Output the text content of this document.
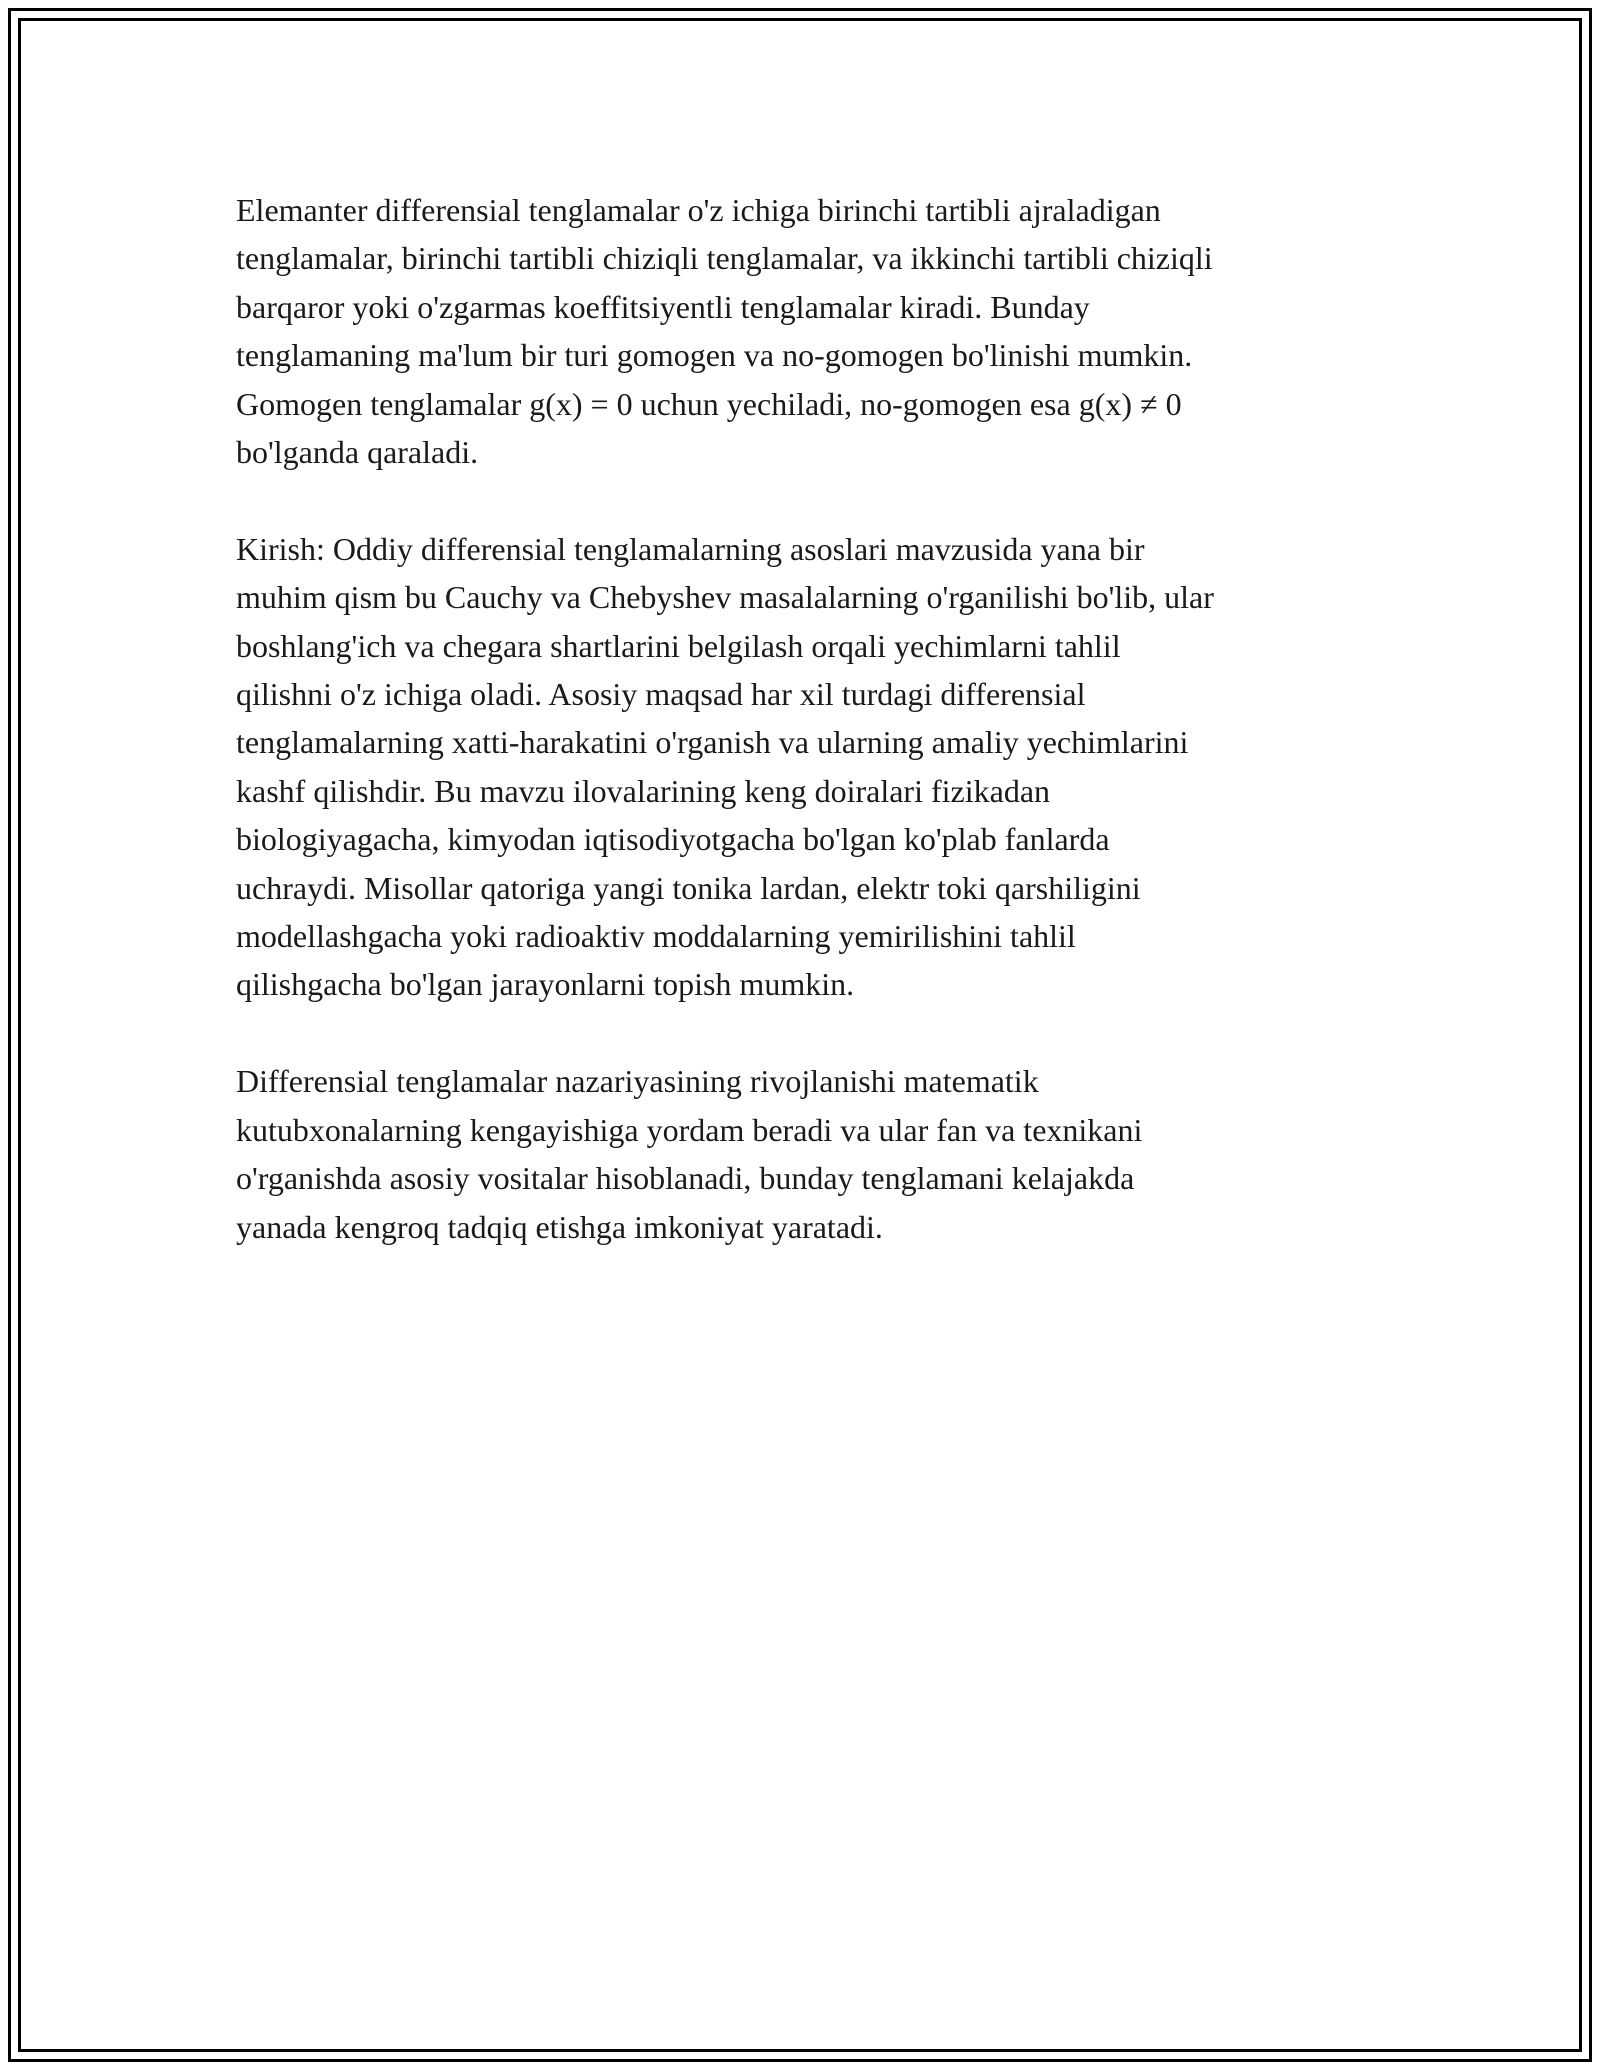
Elemanter differensial tenglamalar o'z ichiga birinchi tartibli ajraladigan
tenglamalar, birinchi tartibli chiziqli tenglamalar, va ikkinchi tartibli chiziqli
barqaror yoki o'zgarmas koeffitsiyentli tenglamalar kiradi. Bunday
tenglamaning ma'lum bir turi gomogen va no-gomogen bo'linishi mumkin.
Gomogen tenglamalar g(x) = 0 uchun yechiladi, no-gomogen esa g(x) ≠ 0
bo'lganda qaraladi.

Kirish: Oddiy differensial tenglamalarning asoslari mavzusida yana bir
muhim qism bu Cauchy va Chebyshev masalalarning o'rganilishi bo'lib, ular
boshlang'ich va chegara shartlarini belgilash orqali yechimlarni tahlil
qilishni o'z ichiga oladi. Asosiy maqsad har xil turdagi differensial
tenglamalarning xatti-harakatini o'rganish va ularning amaliy yechimlarini
kashf qilishdir. Bu mavzu ilovalarining keng doiralari fizikadan
biologiyagacha, kimyodan iqtisodiyotgacha bo'lgan ko'plab fanlarda
uchraydi. Misollar qatoriga yangi tonika lardan, elektr toki qarshiligini
modellashgacha yoki radioaktiv moddalarning yemirilishini tahlil
qilishgacha bo'lgan jarayonlarni topish mumkin.

Differensial tenglamalar nazariyasining rivojlanishi matematik
kutubxonalarning kengayishiga yordam beradi va ular fan va texnikani
o'rganishda asosiy vositalar hisoblanadi, bunday tenglamani kelajakda
yanada kengroq tadqiq etishga imkoniyat yaratadi.
